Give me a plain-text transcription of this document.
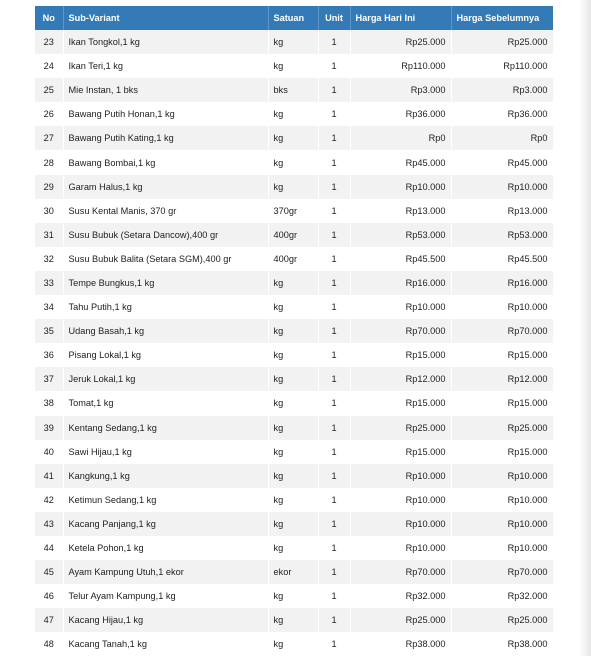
No	Sub-Variant	Satuan	Unit	Harga Hari Ini	Harga Sebelumnya
23	Ikan Tongkol,1 kg	kg	1	Rp25.000	Rp25.000
24	Ikan Teri,1 kg	kg	1	Rp110.000	Rp110.000
25	Mie Instan, 1 bks	bks	1	Rp3.000	Rp3.000
26	Bawang Putih Honan,1 kg	kg	1	Rp36.000	Rp36.000
27	Bawang Putih Kating,1 kg	kg	1	Rp0	Rp0
28	Bawang Bombai,1 kg	kg	1	Rp45.000	Rp45.000
29	Garam Halus,1 kg	kg	1	Rp10.000	Rp10.000
30	Susu Kental Manis, 370 gr	370gr	1	Rp13.000	Rp13.000
31	Susu Bubuk (Setara Dancow),400 gr	400gr	1	Rp53.000	Rp53.000
32	Susu Bubuk Balita (Setara SGM),400 gr	400gr	1	Rp45.500	Rp45.500
33	Tempe Bungkus,1 kg	kg	1	Rp16.000	Rp16.000
34	Tahu Putih,1 kg	kg	1	Rp10.000	Rp10.000
35	Udang Basah,1 kg	kg	1	Rp70.000	Rp70.000
36	Pisang Lokal,1 kg	kg	1	Rp15.000	Rp15.000
37	Jeruk Lokal,1 kg	kg	1	Rp12.000	Rp12.000
38	Tomat,1 kg	kg	1	Rp15.000	Rp15.000
39	Kentang Sedang,1 kg	kg	1	Rp25.000	Rp25.000
40	Sawi Hijau,1 kg	kg	1	Rp15.000	Rp15.000
41	Kangkung,1 kg	kg	1	Rp10.000	Rp10.000
42	Ketimun Sedang,1 kg	kg	1	Rp10.000	Rp10.000
43	Kacang Panjang,1 kg	kg	1	Rp10.000	Rp10.000
44	Ketela Pohon,1 kg	kg	1	Rp10.000	Rp10.000
45	Ayam Kampung Utuh,1 ekor	ekor	1	Rp70.000	Rp70.000
46	Telur Ayam Kampung,1 kg	kg	1	Rp32.000	Rp32.000
47	Kacang Hijau,1 kg	kg	1	Rp25.000	Rp25.000
48	Kacang Tanah,1 kg	kg	1	Rp38.000	Rp38.000
